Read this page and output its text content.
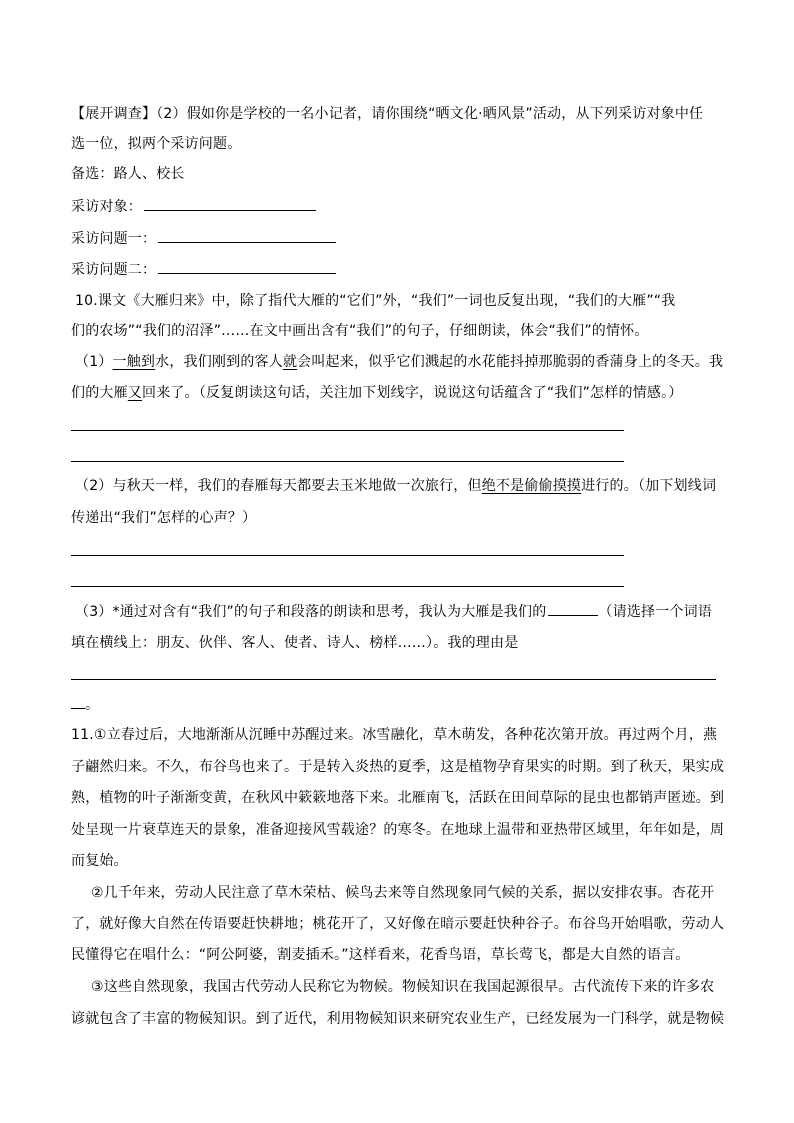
【展开调查】（2）假如你是学校的一名小记者，请你围绕“晒文化·晒风景”活动，从下列采访对象中任
选一位，拟两个采访问题。
备选：路人、校长
采访对象：
采访问题一：
采访问题二：
10.课文《大雁归来》中，除了指代大雁的“它们”外，“我们”一词也反复出现，“我们的大雁”“我
们的农场”“我们的沼泽”……在文中画出含有“我们”的句子，仔细朗读，体会“我们”的情怀。
（1）一触到水，我们刚到的客人就会叫起来，似乎它们溅起的水花能抖掉那脆弱的香蒲身上的冬天。我
们的大雁又回来了。（反复朗读这句话，关注加下划线字，说说这句话蕴含了“我们”怎样的情感。）
（2）与秋天一样，我们的春雁每天都要去玉米地做一次旅行，但绝不是偷偷摸摸进行的。（加下划线词
传递出“我们”怎样的心声？）
（3）*通过对含有“我们”的句子和段落的朗读和思考，我认为大雁是我们的	（请选择一个词语
填在横线上：朋友、伙伴、客人、使者、诗人、榜样……）。我的理由是
。
11.①立春过后，大地渐渐从沉睡中苏醒过来。冰雪融化，草木萌发，各种花次第开放。再过两个月，燕
子翩然归来。不久，布谷鸟也来了。于是转入炎热的夏季，这是植物孕育果实的时期。到了秋天，果实成
熟，植物的叶子渐渐变黄，在秋风中簌簌地落下来。北雁南飞，活跃在田间草际的昆虫也都销声匿迹。到
处呈现一片衰草连天的景象，准备迎接风雪载途？的寒冬。在地球上温带和亚热带区域里，年年如是，周
而复始。
②几千年来，劳动人民注意了草木荣枯、候鸟去来等自然现象同气候的关系，据以安排农事。杏花开
了，就好像大自然在传语要赶快耕地；桃花开了，又好像在暗示要赶快种谷子。布谷鸟开始唱歌，劳动人
民懂得它在唱什么：“阿公阿婆，割麦插禾。”这样看来，花香鸟语，草长莺飞，都是大自然的语言。
③这些自然现象，我国古代劳动人民称它为物候。物候知识在我国起源很早。古代流传下来的许多农
谚就包含了丰富的物候知识。到了近代，利用物候知识来研究农业生产，已经发展为一门科学，就是物候
